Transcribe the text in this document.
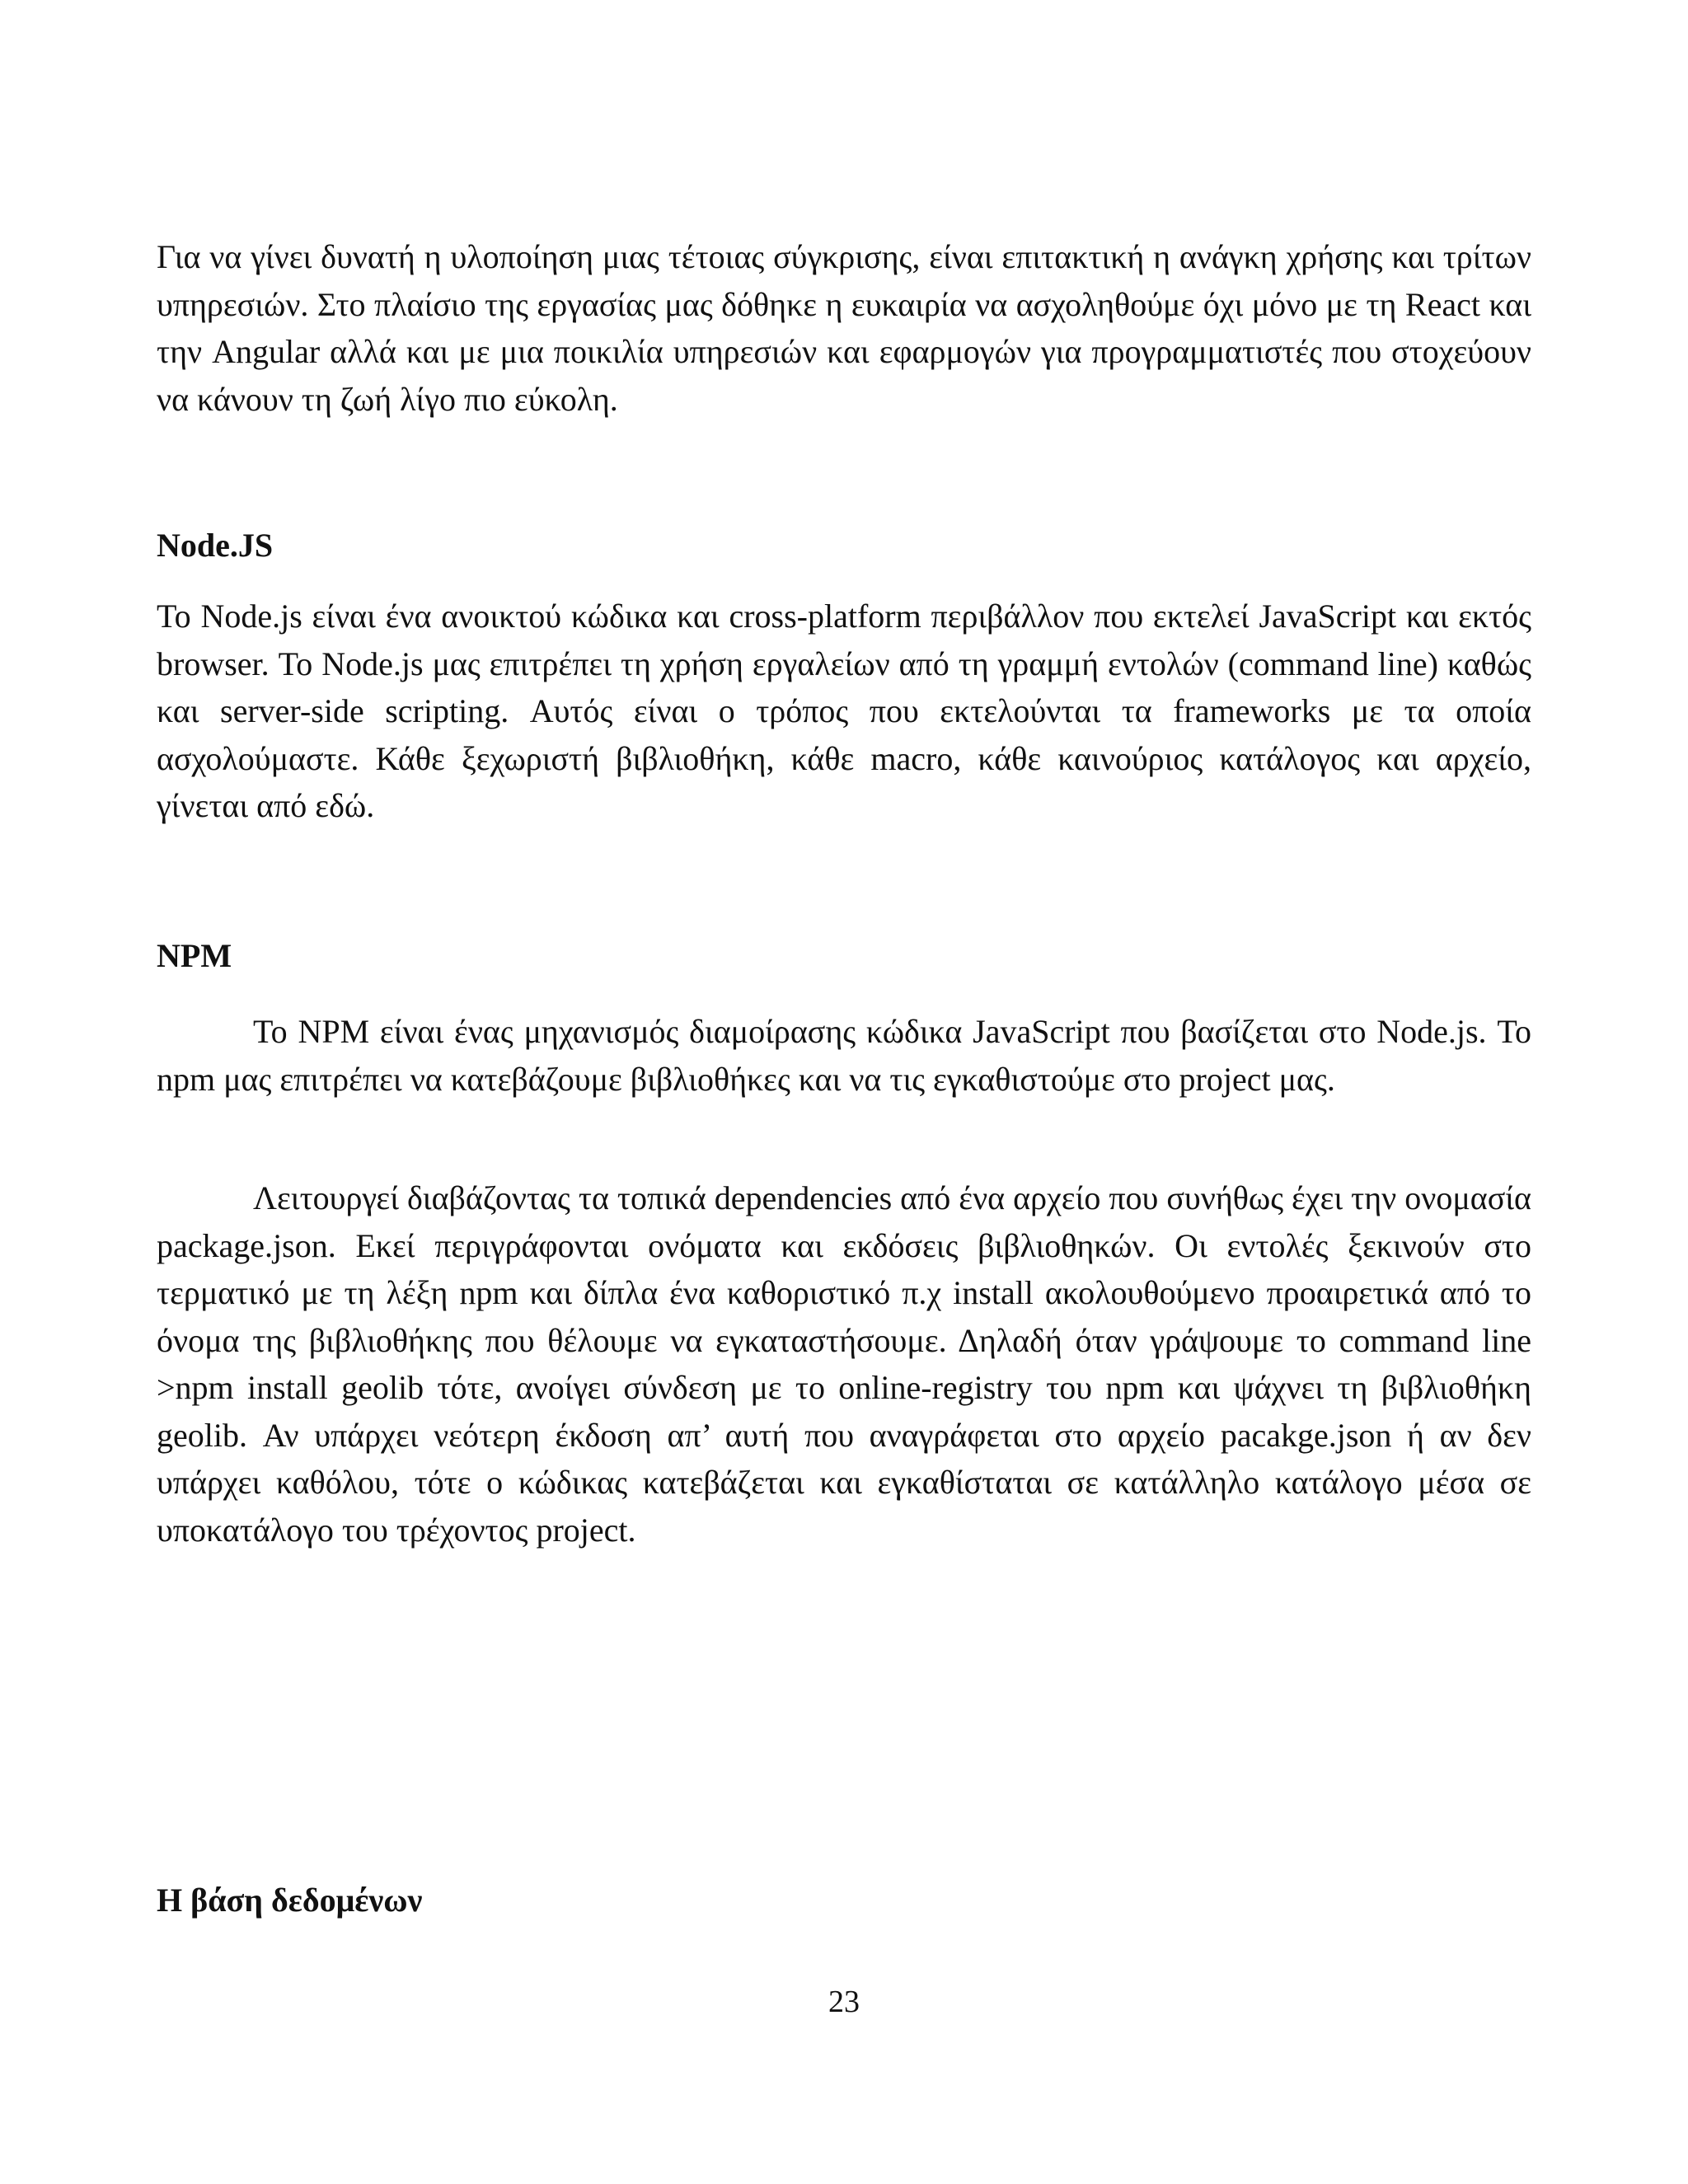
Για να γίνει δυνατή η υλοποίηση μιας τέτοιας σύγκρισης, είναι επιτακτική η ανάγκη χρήσης και τρίτων υπηρεσιών. Στο πλαίσιο της εργασίας μας δόθηκε η ευκαιρία να ασχοληθούμε όχι μόνο με τη React και την Angular αλλά και με μια ποικιλία υπηρεσιών και εφαρμογών για προγραμματιστές που στοχεύουν να κάνουν τη ζωή λίγο πιο εύκολη.

Node.JS

Το Node.js είναι ένα ανοικτού κώδικα και cross-platform περιβάλλον που εκτελεί JavaScript και εκτός browser. Το Node.js μας επιτρέπει τη χρήση εργαλείων από τη γραμμή εντολών (command line) καθώς και server-side scripting. Αυτός είναι ο τρόπος που εκτελούνται τα frameworks με τα οποία ασχολούμαστε. Κάθε ξεχωριστή βιβλιοθήκη, κάθε macro, κάθε καινούριος κατάλογος και αρχείο, γίνεται από εδώ.

NPM

Το NPM είναι ένας μηχανισμός διαμοίρασης κώδικα JavaScript που βασίζεται στο Node.js. Το npm μας επιτρέπει να κατεβάζουμε βιβλιοθήκες και να τις εγκαθιστούμε στο project μας.

Λειτουργεί διαβάζοντας τα τοπικά dependencies από ένα αρχείο που συνήθως έχει την ονομασία package.json. Εκεί περιγράφονται ονόματα και εκδόσεις βιβλιοθηκών. Οι εντολές ξεκινούν στο τερματικό με τη λέξη npm και δίπλα ένα καθοριστικό π.χ install ακολουθούμενο προαιρετικά από το όνομα της βιβλιοθήκης που θέλουμε να εγκαταστήσουμε. Δηλαδή όταν γράψουμε το command line >npm install geolib τότε, ανοίγει σύνδεση με το online-registry του npm και ψάχνει τη βιβλιοθήκη geolib. Αν υπάρχει νεότερη έκδοση απ’ αυτή που αναγράφεται στο αρχείο pacakge.json ή αν δεν υπάρχει καθόλου, τότε ο κώδικας κατεβάζεται και εγκαθίσταται σε κατάλληλο κατάλογο μέσα σε υποκατάλογο του τρέχοντος project.

Η βάση δεδομένων

23
